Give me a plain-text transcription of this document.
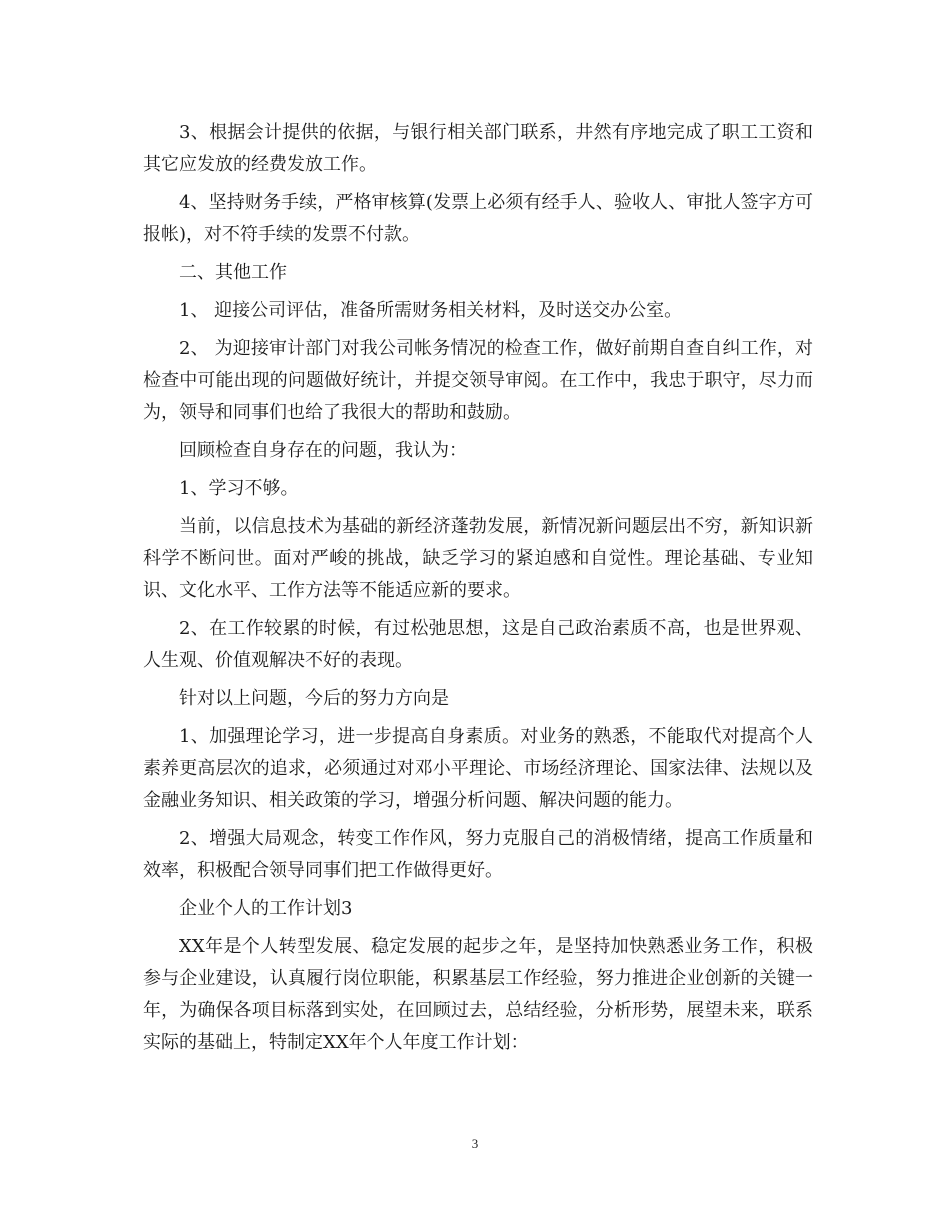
3、根据会计提供的依据，与银行相关部门联系，井然有序地完成了职工工资和其它应发放的经费发放工作。

4、坚持财务手续，严格审核算(发票上必须有经手人、验收人、审批人签字方可报帐)，对不符手续的发票不付款。

二、其他工作

1、 迎接公司评估，准备所需财务相关材料，及时送交办公室。

2、 为迎接审计部门对我公司帐务情况的检查工作，做好前期自查自纠工作，对检查中可能出现的问题做好统计，并提交领导审阅。在工作中，我忠于职守，尽力而为，领导和同事们也给了我很大的帮助和鼓励。

回顾检查自身存在的问题，我认为：

1、学习不够。

当前，以信息技术为基础的新经济蓬勃发展，新情况新问题层出不穷，新知识新科学不断问世。面对严峻的挑战，缺乏学习的紧迫感和自觉性。理论基础、专业知识、文化水平、工作方法等不能适应新的要求。

2、在工作较累的时候，有过松弛思想，这是自己政治素质不高，也是世界观、人生观、价值观解决不好的表现。

针对以上问题，今后的努力方向是

1、加强理论学习，进一步提高自身素质。对业务的熟悉，不能取代对提高个人素养更高层次的追求，必须通过对邓小平理论、市场经济理论、国家法律、法规以及金融业务知识、相关政策的学习，增强分析问题、解决问题的能力。

2、增强大局观念，转变工作作风，努力克服自己的消极情绪，提高工作质量和效率，积极配合领导同事们把工作做得更好。

企业个人的工作计划3

XX年是个人转型发展、稳定发展的起步之年，是坚持加快熟悉业务工作，积极参与企业建设，认真履行岗位职能，积累基层工作经验，努力推进企业创新的关键一年，为确保各项目标落到实处，在回顾过去，总结经验，分析形势，展望未来，联系实际的基础上，特制定XX年个人年度工作计划：

3
